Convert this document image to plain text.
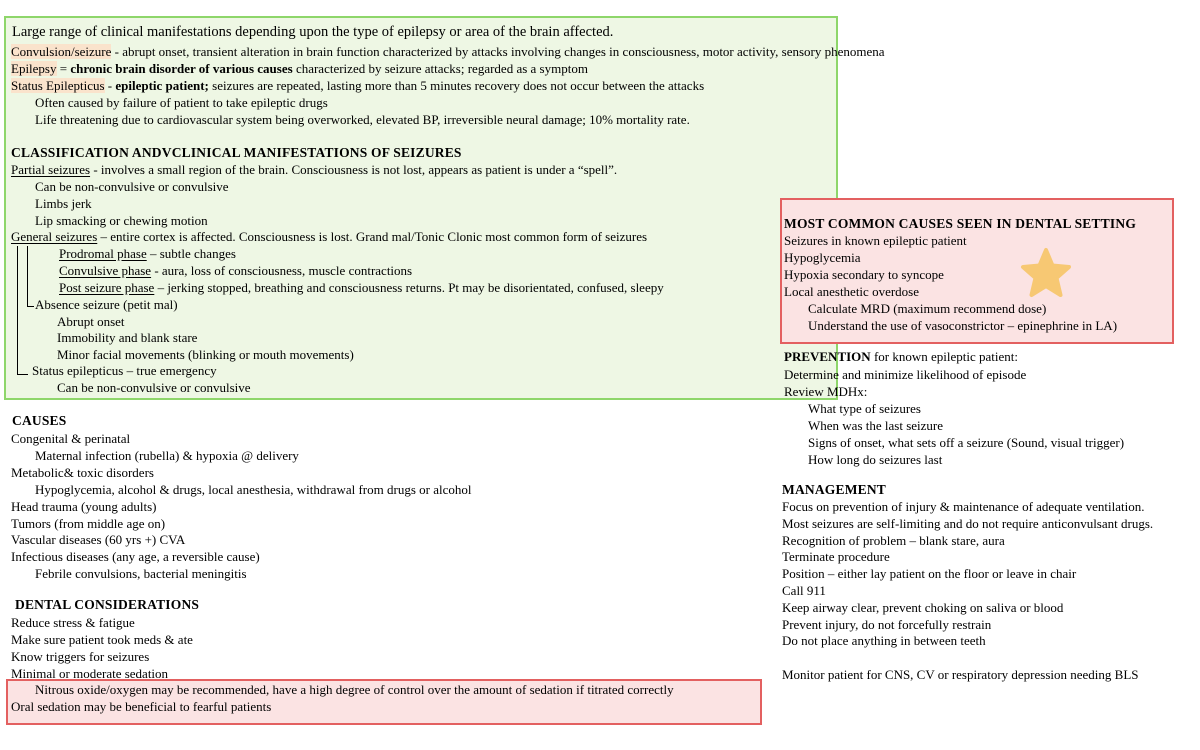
Large range of clinical manifestations depending upon the type of epilepsy or area of the brain affected.
Convulsion/seizure - abrupt onset, transient alteration in brain function characterized by attacks involving changes in consciousness, motor activity, sensory phenomena
Epilepsy = chronic brain disorder of various causes characterized by seizure attacks; regarded as a symptom
Status Epilepticus - epileptic patient; seizures are repeated, lasting more than 5 minutes recovery does not occur between the attacks
Often caused by failure of patient to take epileptic drugs
Life threatening due to cardiovascular system being overworked, elevated BP, irreversible neural damage; 10% mortality rate.
CLASSIFICATION ANDVCLINICAL MANIFESTATIONS OF SEIZURES
Partial seizures - involves a small region of the brain. Consciousness is not lost, appears as patient is under a “spell”.
Can be non-convulsive or convulsive
Limbs jerk
Lip smacking or chewing motion
General seizures – entire cortex is affected. Consciousness is lost. Grand mal/Tonic Clonic most common form of seizures
Prodromal phase – subtle changes
Convulsive phase - aura, loss of consciousness, muscle contractions
Post seizure phase – jerking stopped, breathing and consciousness returns. Pt may be disorientated, confused, sleepy
Absence seizure (petit mal)
Abrupt onset
Immobility and blank stare
Minor facial movements (blinking or mouth movements)
Status epilepticus – true emergency
Can be non-convulsive or convulsive
CAUSES
Congenital & perinatal
Maternal infection (rubella) & hypoxia @ delivery
Metabolic& toxic disorders
Hypoglycemia, alcohol & drugs, local anesthesia, withdrawal from drugs or alcohol
Head trauma (young adults)
Tumors (from middle age on)
Vascular diseases (60 yrs +) CVA
Infectious diseases (any age, a reversible cause)
Febrile convulsions, bacterial meningitis
DENTAL CONSIDERATIONS
Reduce stress & fatigue
Make sure patient took meds & ate
Know triggers for seizures
Minimal or moderate sedation
Nitrous oxide/oxygen may be recommended, have a high degree of control over the amount of sedation if titrated correctly
Oral sedation may be beneficial to fearful patients
MOST COMMON CAUSES SEEN IN DENTAL SETTING
Seizures in known epileptic patient
Hypoglycemia
Hypoxia secondary to syncope
Local anesthetic overdose
Calculate MRD (maximum recommend dose)
Understand the use of vasoconstrictor – epinephrine in LA)
PREVENTION for known epileptic patient:
Determine and minimize likelihood of episode
Review MDHx:
What type of seizures
When was the last seizure
Signs of onset, what sets off a seizure (Sound, visual trigger)
How long do seizures last
MANAGEMENT
Focus on prevention of injury & maintenance of adequate ventilation.
Most seizures are self-limiting and do not require anticonvulsant drugs.
Recognition of problem – blank stare, aura
Terminate procedure
Position – either lay patient on the floor or leave in chair
Call 911
Keep airway clear, prevent choking on saliva or blood
Prevent injury, do not forcefully restrain
Do not place anything in between teeth
Monitor patient for CNS, CV or respiratory depression needing BLS
